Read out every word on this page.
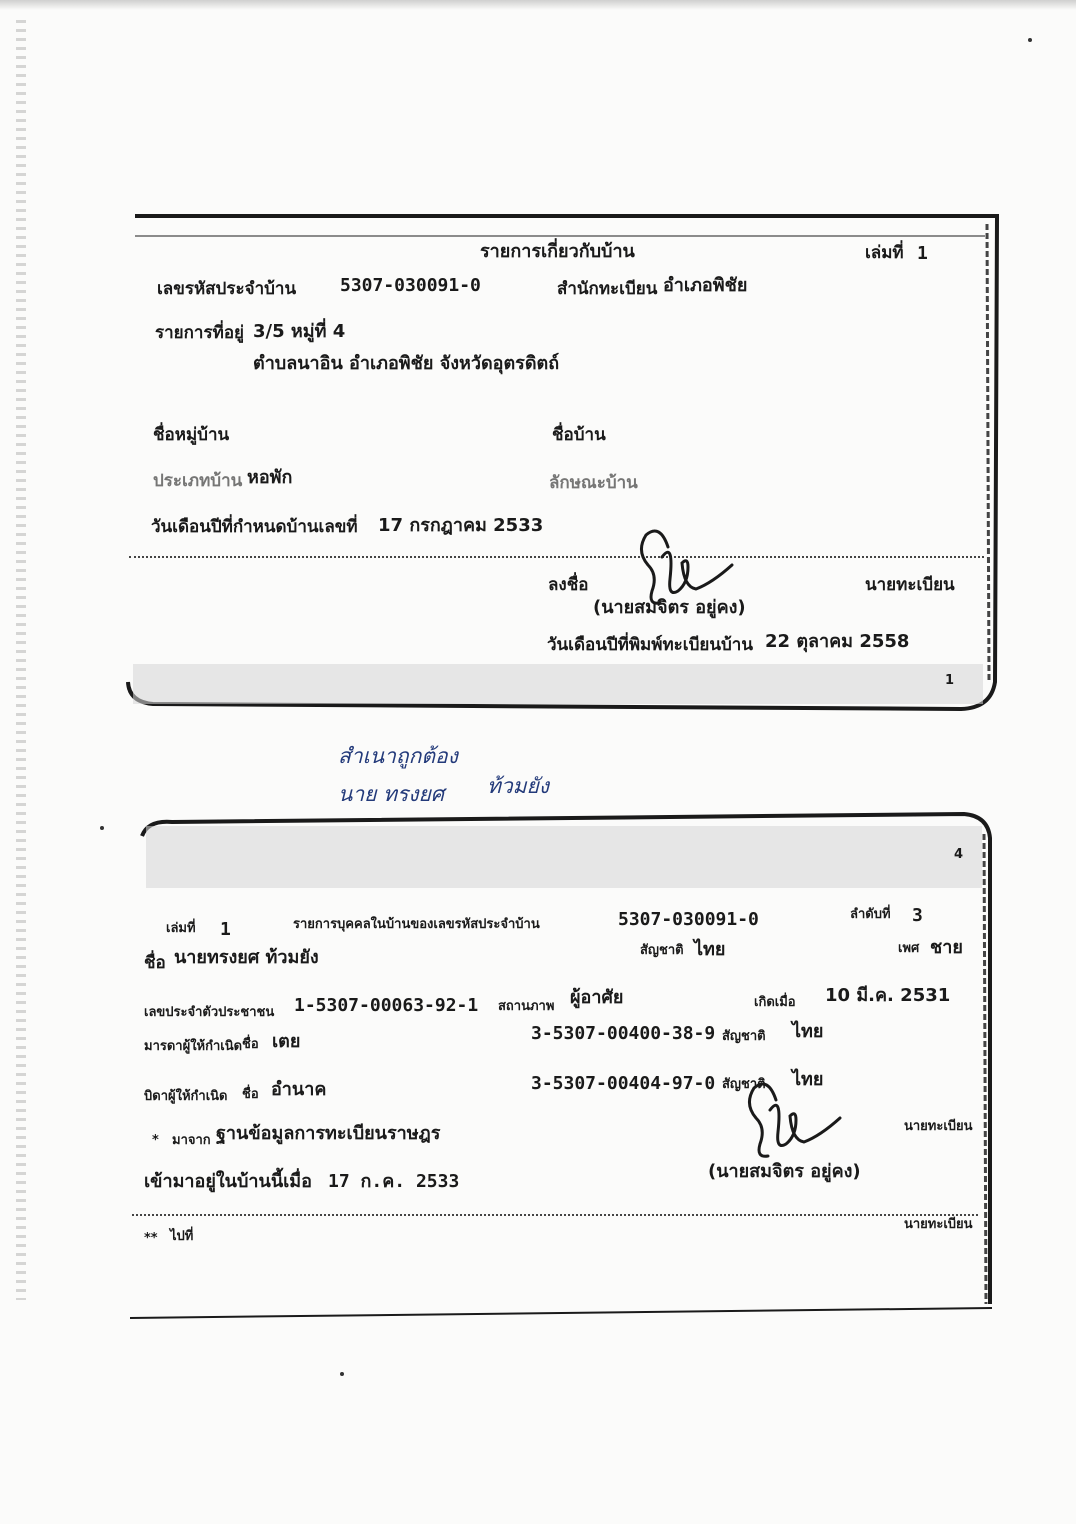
รายการเกี่ยวกับบ้าน	เล่มที่ 1
เลขรหัสประจำบ้าน 5307-030091-0	สำนักทะเบียน อำเภอพิชัย
รายการที่อยู่ 3/5 หมู่ที่ 4
ตำบลนาอิน อำเภอพิชัย จังหวัดอุตรดิตถ์
ชื่อหมู่บ้าน	ชื่อบ้าน
ประเภทบ้าน หอพัก	ลักษณะบ้าน
วันเดือนปีที่กำหนดบ้านเลขที่ 17 กรกฎาคม 2533
ลงชื่อ	นายทะเบียน
(นายสมจิตร อยู่คง)
วันเดือนปีที่พิมพ์ทะเบียนบ้าน 22 ตุลาคม 2558
1
สำเนาถูกต้อง
นาย ทรงยศ ท้วมยัง
4
เล่มที่ 1	รายการบุคคลในบ้านของเลขรหัสประจำบ้าน	5307-030091-0	ลำดับที่ 3
ชื่อ นายทรงยศ ท้วมยัง	สัญชาติ ไทย	เพศ ชาย
เลขประจำตัวประชาชน 1-5307-00063-92-1 สถานภาพ ผู้อาศัย	เกิดเมื่อ 10 มี.ค. 2531
มารดาผู้ให้กำเนิด ชื่อ เตย	3-5307-00400-38-9 สัญชาติ ไทย
บิดาผู้ให้กำเนิด ชื่อ อำนาค	3-5307-00404-97-0 สัญชาติ ไทย
* มาจาก ฐานข้อมูลการทะเบียนราษฎร	นายทะเบียน
เข้ามาอยู่ในบ้านนี้เมื่อ 17 ก.ค. 2533	(นายสมจิตร อยู่คง)
** ไปที่
นายทะเบียน
